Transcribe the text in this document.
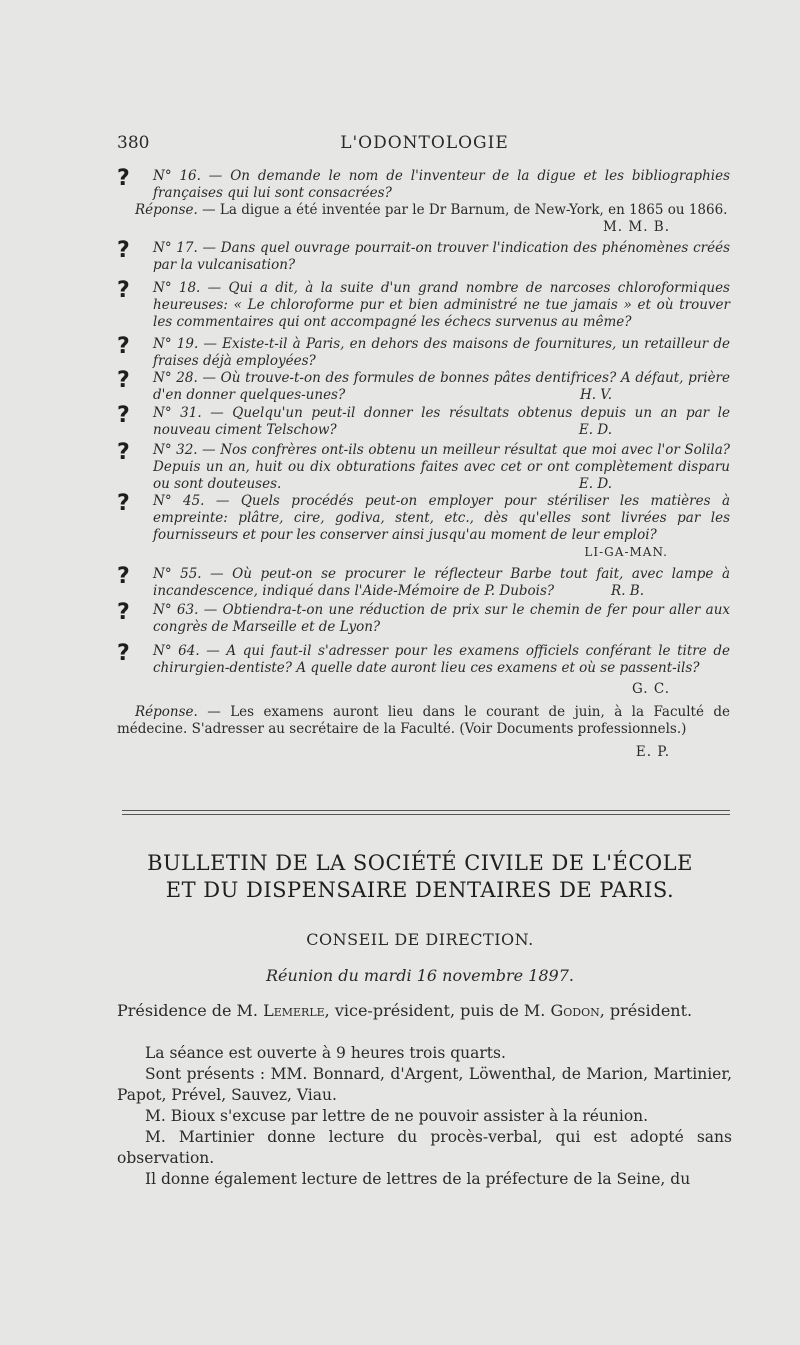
380	L'ODONTOLOGIE
?	N° 16. — On demande le nom de l'inventeur de la digue et les bibliographies françaises qui lui sont consacrées?

Réponse. — La digue a été inventée par le Dr Barnum, de New-York, en 1865 ou 1866.

M. M. B.
?	N° 17. — Dans quel ouvrage pourrait-on trouver l'indication des phénomènes créés par la vulcanisation?

?	N° 18. — Qui a dit, à la suite d'un grand nombre de narcoses chloroformiques heureuses: « Le chloroforme pur et bien administré ne tue jamais » et où trouver les commentaires qui ont accompagné les échecs survenus au même?

?	N° 19. — Existe-t-il à Paris, en dehors des maisons de fournitures, un retailleur de fraises déjà employées?

?	N° 28. — Où trouve-t-on des formules de bonnes pâtes dentifrices? A défaut, prière d'en donner quelques-unes?	H. V.
?	N° 31. — Quelqu'un peut-il donner les résultats obtenus depuis un an par le nouveau ciment Telschow?	E. D.
?	N° 32. — Nos confrères ont-ils obtenu un meilleur résultat que moi avec l'or Solila? Depuis un an, huit ou dix obturations faites avec cet or ont complètement disparu ou sont douteuses.	E. D.
?	N° 45. — Quels procédés peut-on employer pour stériliser les matières à empreinte: plâtre, cire, godiva, stent, etc., dès qu'elles sont livrées par les fournisseurs et pour les conserver ainsi jusqu'au moment de leur emploi?

LI-GA-MAN.
?	N° 55. — Où peut-on se procurer le réflecteur Barbe tout fait, avec lampe à incandescence, indiqué dans l'Aide-Mémoire de P. Dubois?	R. B.
?	N° 63. — Obtiendra-t-on une réduction de prix sur le chemin de fer pour aller aux congrès de Marseille et de Lyon?

?	N° 64. — A qui faut-il s'adresser pour les examens officiels conférant le titre de chirurgien-dentiste? A quelle date auront lieu ces examens et où se passent-ils?

G. C.

Réponse. — Les examens auront lieu dans le courant de juin, à la Faculté de médecine. S'adresser au secrétaire de la Faculté. (Voir Documents professionnels.)

E. P.
BULLETIN DE LA SOCIÉTÉ CIVILE DE L'ÉCOLE
ET DU DISPENSAIRE DENTAIRES DE PARIS.
CONSEIL DE DIRECTION.
Réunion du mardi 16 novembre 1897.
Présidence de M. Lemerle, vice-président, puis de M. Godon, président.

La séance est ouverte à 9 heures trois quarts.

Sont présents : MM. Bonnard, d'Argent, Löwenthal, de Marion, Martinier, Papot, Prével, Sauvez, Viau.

M. Bioux s'excuse par lettre de ne pouvoir assister à la réunion.

M. Martinier donne lecture du procès-verbal, qui est adopté sans observation.

Il donne également lecture de lettres de la préfecture de la Seine, du
